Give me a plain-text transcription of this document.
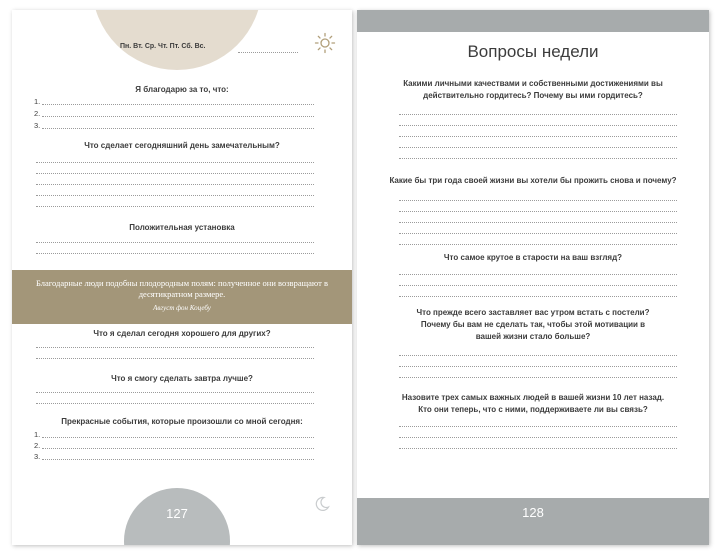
Пн. Вт. Ср. Чт. Пт. Сб. Вс.
Я благодарю за то, что:
1.
2.
3.
Что сделает сегодняшний день замечательным?
Положительная установка
Благодарные люди подобны плодородным полям: полученное они возвращают в десятикратном размере.
Август фон Коцебу
Что я сделал сегодня хорошего для других?
Что я смогу сделать завтра лучше?
Прекрасные события, которые произошли со мной сегодня:
1.
2.
3.
127
Вопросы недели
Какими личными качествами и собственными достижениями вы действительно гордитесь? Почему вы ими гордитесь?
Какие бы три года своей жизни вы хотели бы прожить снова и почему?
Что самое крутое в старости на ваш взгляд?
Что прежде всего заставляет вас утром встать с постели? Почему бы вам не сделать так, чтобы этой мотивации в вашей жизни стало больше?
Назовите трех самых важных людей в вашей жизни 10 лет назад. Кто они теперь, что с ними, поддерживаете ли вы связь?
128
